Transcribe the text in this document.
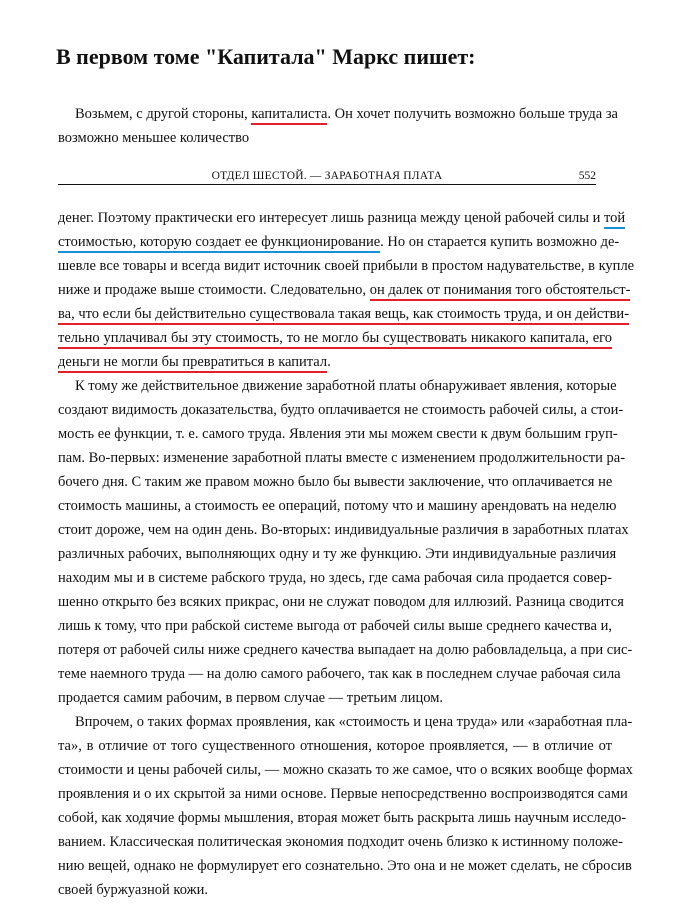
В первом томе "Капитала" Маркс пишет:
Возьмем, с другой стороны, капиталиста. Он хочет получить возможно больше труда за
возможно меньшее количество
ОТДЕЛ ШЕСТОЙ. — ЗАРАБОТНАЯ ПЛАТА	552
денег. Поэтому практически его интересует лишь разница между ценой рабочей силы и той
стоимостью, которую создает ее функционирование. Но он старается купить возможно де-
шевле все товары и всегда видит источник своей прибыли в простом надувательстве, в купле
ниже и продаже выше стоимости. Следовательно, он далек от понимания того обстоятельст-
ва, что если бы действительно существовала такая вещь, как стоимость труда, и он действи-
тельно уплачивал бы эту стоимость, то не могло бы существовать никакого капитала, его
деньги не могли бы превратиться в капитал.
К тому же действительное движение заработной платы обнаруживает явления, которые
создают видимость доказательства, будто оплачивается не стоимость рабочей силы, а стои-
мость ее функции, т. е. самого труда. Явления эти мы можем свести к двум большим груп-
пам. Во-первых: изменение заработной платы вместе с изменением продолжительности ра-
бочего дня. С таким же правом можно было бы вывести заключение, что оплачивается не
стоимость машины, а стоимость ее операций, потому что и машину арендовать на неделю
стоит дороже, чем на один день. Во-вторых: индивидуальные различия в заработных платах
различных рабочих, выполняющих одну и ту же функцию. Эти индивидуальные различия
находим мы и в системе рабского труда, но здесь, где сама рабочая сила продается совер-
шенно открыто без всяких прикрас, они не служат поводом для иллюзий. Разница сводится
лишь к тому, что при рабской системе выгода от рабочей силы выше среднего качества и,
потеря от рабочей силы ниже среднего качества выпадает на долю рабовладельца, а при сис-
теме наемного труда — на долю самого рабочего, так как в последнем случае рабочая сила
продается самим рабочим, в первом случае — третьим лицом.
Впрочем, о таких формах проявления, как «стоимость и цена труда» или «заработная пла-
та», в отличие от того существенного отношения, которое проявляется, — в отличие от
стоимости и цены рабочей силы, — можно сказать то же самое, что о всяких вообще формах
проявления и о их скрытой за ними основе. Первые непосредственно воспроизводятся сами
собой, как ходячие формы мышления, вторая может быть раскрыта лишь научным исследо-
ванием. Классическая политическая экономия подходит очень близко к истинному положе-
нию вещей, однако не формулирует его сознательно. Это она и не может сделать, не сбросив
своей буржуазной кожи.
